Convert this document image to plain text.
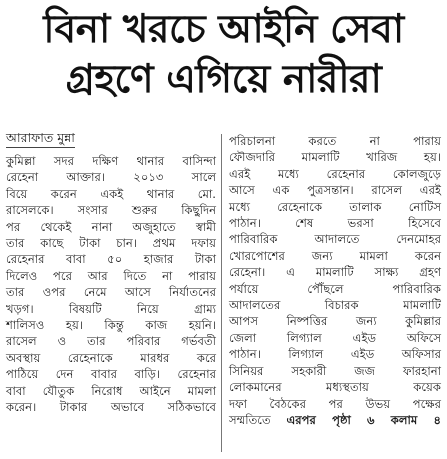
বিনা খরচে আইনি সেবা
গ্রহণে এগিয়ে নারীরা
আরাফাত মুন্না
কুমিল্লা সদর দক্ষিণ থানার বাসিন্দা
রেহেনা আক্তার। ২০১৩ সালে
বিয়ে করেন একই থানার মো.
রাসেলকে। সংসার শুরুর কিছুদিন
পর থেকেই নানা অজুহাতে স্বামী
তার কাছে টাকা চান। প্রথম দফায়
রেহেনার বাবা ৫০ হাজার টাকা
দিলেও পরে আর দিতে না পারায়
তার ওপর নেমে আসে নির্যাতনের
খড়গ। বিষয়টি নিয়ে গ্রাম্য
শালিসও হয়। কিন্তু কাজ হয়নি।
রাসেল ও তার পরিবার গর্ভবতী
অবস্থায় রেহেনাকে মারধর করে
পাঠিয়ে দেন বাবার বাড়ি। রেহেনার
বাবা যৌতুক নিরোধ আইনে মামলা
করেন। টাকার অভাবে সঠিকভাবে
পরিচালনা করতে না পারায়
ফৌজদারি মামলাটি খারিজ হয়।
এরই মধ্যে রেহেনার কোলজুড়ে
আসে এক পুত্রসন্তান। রাসেল এরই
মধ্যে রেহেনাকে তালাক নোটিস
পাঠান। শেষ ভরসা হিসেবে
পারিবারিক আদালতে দেনমোহর
খোরপোশের জন্য মামলা করেন
রেহেনা। এ মামলাটি সাক্ষ্য গ্রহণ
পর্যায়ে পৌঁছলে পারিবারিক
আদালতের বিচারক মামলাটি
আপস নিষ্পত্তির জন্য কুমিল্লার
জেলা লিগ্যাল এইড অফিসে
পাঠান। লিগ্যাল এইড অফিসার
সিনিয়র সহকারী জজ ফারহানা
লোকমানের মধ্যস্থতায় কয়েক
দফা বৈঠকের পর উভয় পক্ষের
সম্মতিতে এরপর পৃষ্ঠা ৬ কলাম ৪
